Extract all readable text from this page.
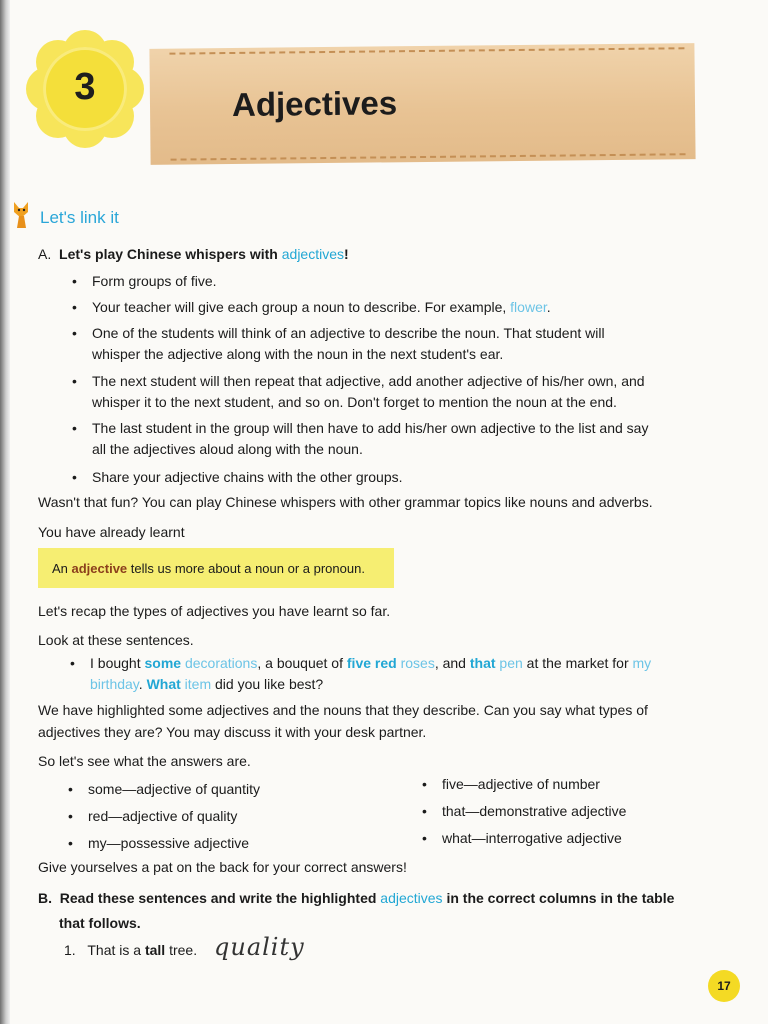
3	Adjectives
Let's link it
A. Let's play Chinese whispers with adjectives!
• Form groups of five.
• Your teacher will give each group a noun to describe. For example, flower.
• One of the students will think of an adjective to describe the noun. That student will
whisper the adjective along with the noun in the next student's ear.
• The next student will then repeat that adjective, add another adjective of his/her own, and
whisper it to the next student, and so on. Don't forget to mention the noun at the end.
• The last student in the group will then have to add his/her own adjective to the list and say
all the adjectives aloud along with the noun.
• Share your adjective chains with the other groups.
Wasn't that fun? You can play Chinese whispers with other grammar topics like nouns and adverbs.
You have already learnt
An adjective tells us more about a noun or a pronoun.
Let's recap the types of adjectives you have learnt so far.
Look at these sentences.
• I bought some decorations, a bouquet of five red roses, and that pen at the market for my
birthday. What item did you like best?
We have highlighted some adjectives and the nouns that they describe. Can you say what types of
adjectives they are? You may discuss it with your desk partner.
So let's see what the answers are.
• some—adjective of quantity
• red—adjective of quality
• my—possessive adjective
• five—adjective of number
• that—demonstrative adjective
• what—interrogative adjective
Give yourselves a pat on the back for your correct answers!
B. Read these sentences and write the highlighted adjectives in the correct columns in the table
that follows.
1. That is a tall tree. quality
17
